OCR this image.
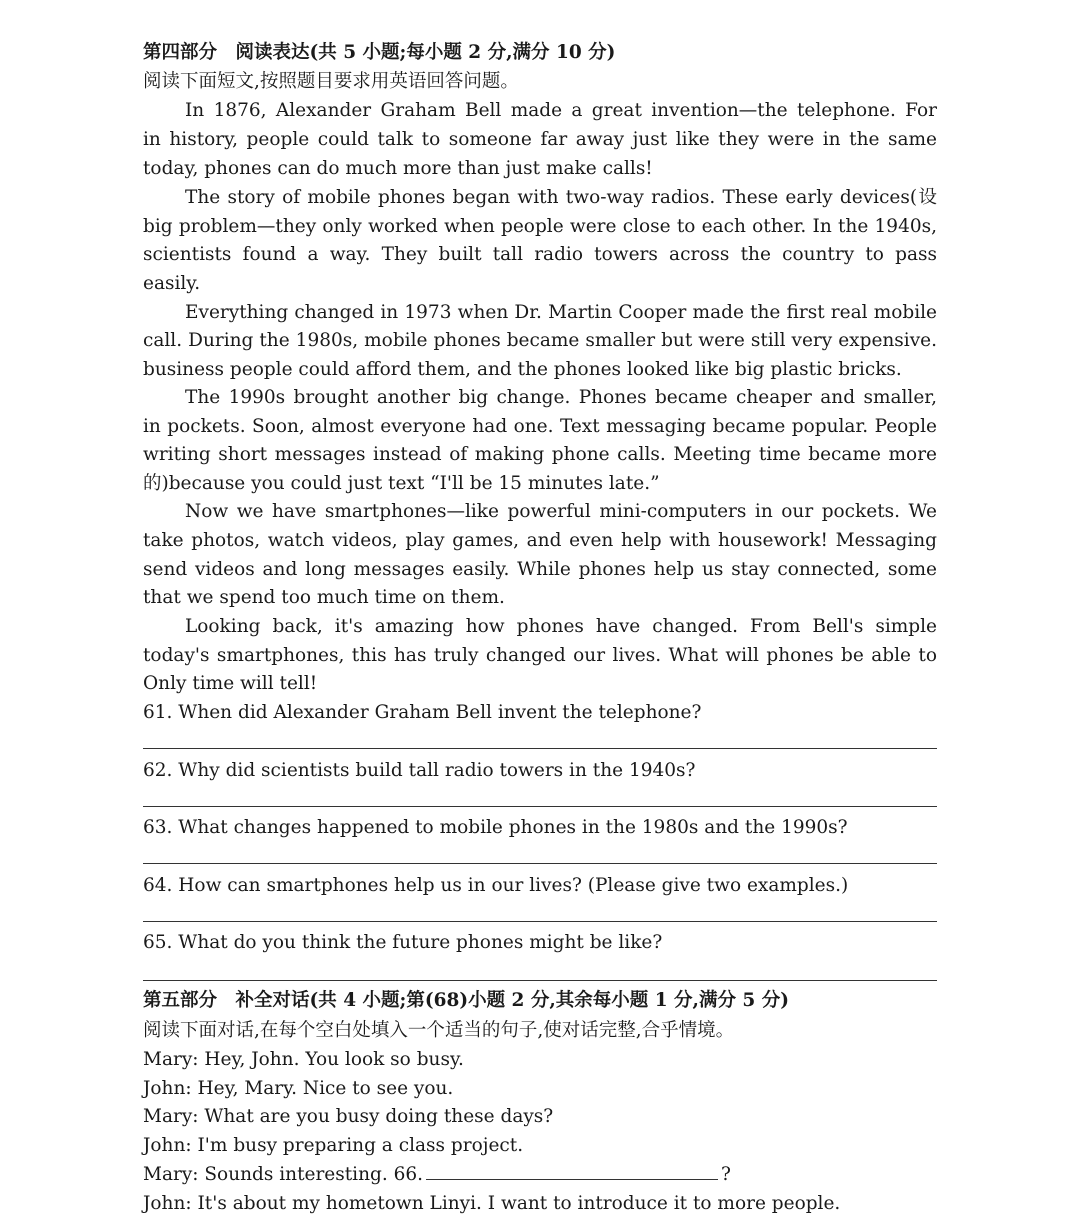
第四部分　阅读表达(共 5 小题;每小题 2 分,满分 10 分)
阅读下面短文,按照题目要求用英语回答问题。
In 1876, Alexander Graham Bell made a great invention—the telephone. For
in history, people could talk to someone far away just like they were in the same
today, phones can do much more than just make calls!
The story of mobile phones began with two-way radios. These early devices(设
big problem—they only worked when people were close to each other. In the 1940s,
scientists found a way. They built tall radio towers across the country to pass
easily.
Everything changed in 1973 when Dr. Martin Cooper made the first real mobile
call. During the 1980s, mobile phones became smaller but were still very expensive.
business people could afford them, and the phones looked like big plastic bricks.
The 1990s brought another big change. Phones became cheaper and smaller,
in pockets. Soon, almost everyone had one. Text messaging became popular. People
writing short messages instead of making phone calls. Meeting time became more
的)because you could just text “I'll be 15 minutes late.”
Now we have smartphones—like powerful mini-computers in our pockets. We
take photos, watch videos, play games, and even help with housework! Messaging
send videos and long messages easily. While phones help us stay connected, some
that we spend too much time on them.
Looking back, it's amazing how phones have changed. From Bell's simple
today's smartphones, this has truly changed our lives. What will phones be able to
Only time will tell!
61. When did Alexander Graham Bell invent the telephone?
62. Why did scientists build tall radio towers in the 1940s?
63. What changes happened to mobile phones in the 1980s and the 1990s?
64. How can smartphones help us in our lives? (Please give two examples.)
65. What do you think the future phones might be like?
第五部分　补全对话(共 4 小题;第(68)小题 2 分,其余每小题 1 分,满分 5 分)
阅读下面对话,在每个空白处填入一个适当的句子,使对话完整,合乎情境。
Mary: Hey, John. You look so busy.
John: Hey, Mary. Nice to see you.
Mary: What are you busy doing these days?
John: I'm busy preparing a class project.
Mary: Sounds interesting. 66.	?
John: It's about my hometown Linyi. I want to introduce it to more people.
